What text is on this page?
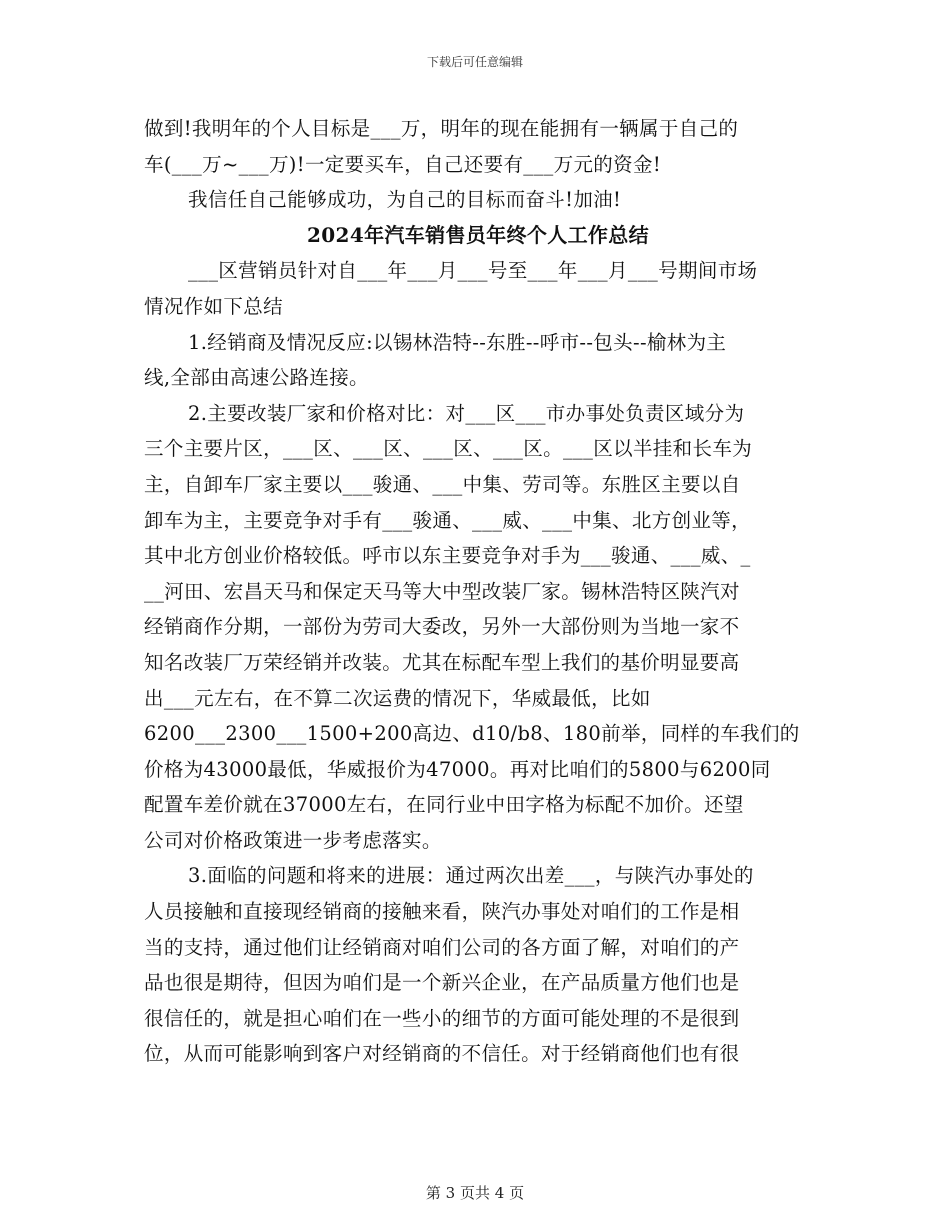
下载后可任意编辑
做到!我明年的个人目标是___万，明年的现在能拥有一辆属于自己的
车(___万~___万)!一定要买车，自己还要有___万元的资金!
我信任自己能够成功，为自己的目标而奋斗!加油!
2024年汽车销售员年终个人工作总结
___区营销员针对自___年___月___号至___年___月___号期间市场
情况作如下总结
1.经销商及情况反应:以锡林浩特--东胜--呼市--包头--榆林为主
线,全部由高速公路连接。
2.主要改装厂家和价格对比：对___区___市办事处负责区域分为
三个主要片区，___区、___区、___区、___区。___区以半挂和长车为
主，自卸车厂家主要以___骏通、___中集、劳司等。东胜区主要以自
卸车为主，主要竞争对手有___骏通、___威、___中集、北方创业等，
其中北方创业价格较低。呼市以东主要竞争对手为___骏通、___威、_
__河田、宏昌天马和保定天马等大中型改装厂家。锡林浩特区陕汽对
经销商作分期，一部份为劳司大委改，另外一大部份则为当地一家不
知名改装厂万荣经销并改装。尤其在标配车型上我们的基价明显要高
出___元左右，在不算二次运费的情况下，华威最低，比如
6200___2300___1500+200高边、d10/b8、180前举，同样的车我们的
价格为43000最低，华威报价为47000。再对比咱们的5800与6200同
配置车差价就在37000左右，在同行业中田字格为标配不加价。还望
公司对价格政策进一步考虑落实。
3.面临的问题和将来的进展：通过两次出差___，与陕汽办事处的
人员接触和直接现经销商的接触来看，陕汽办事处对咱们的工作是相
当的支持，通过他们让经销商对咱们公司的各方面了解，对咱们的产
品也很是期待，但因为咱们是一个新兴企业，在产品质量方他们也是
很信任的，就是担心咱们在一些小的细节的方面可能处理的不是很到
位，从而可能影响到客户对经销商的不信任。对于经销商他们也有很
第 3 页共 4 页
